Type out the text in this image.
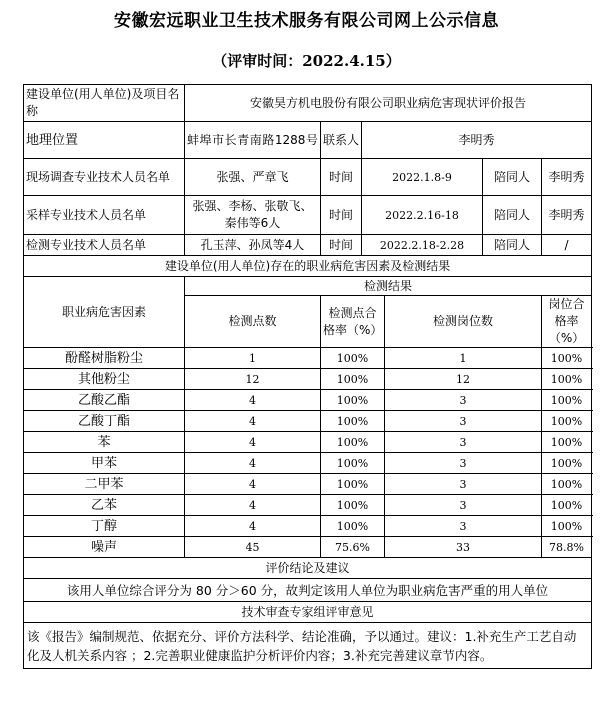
安徽宏远职业卫生技术服务有限公司网上公示信息
（评审时间：2022.4.15）
建设单位(用人单位)及项目名称	安徽昊方机电股份有限公司职业病危害现状评价报告					
地理位置	蚌埠市长青南路1288号	联系人	李明秀			
现场调查专业技术人员名单	张强、严章飞	时间	2022.1.8-9		陪同人	李明秀
采样专业技术人员名单	张强、李杨、张敬飞、秦伟等6人	时间	2022.2.16-18		陪同人	李明秀
检测专业技术人员名单	孔玉萍、孙凤等4人	时间	2022.2.18-2.28		陪同人	/
建设单位(用人单位)存在的职业病危害因素及检测结果						
职业病危害因素	检测结果					
	检测点数	检测点合格率（%）		检测岗位数		岗位合格率（%）
酚醛树脂粉尘	1	100%		1		100%
其他粉尘	12	100%		12		100%
乙酸乙酯	4	100%		3		100%
乙酸丁酯	4	100%		3		100%
苯	4	100%		3		100%
甲苯	4	100%		3		100%
二甲苯	4	100%		3		100%
乙苯	4	100%		3		100%
丁醇	4	100%		3		100%
噪声	45	75.6%		33		78.8%
评价结论及建议						
该用人单位综合评分为 80 分＞60 分，故判定该用人单位为职业病危害严重的用人单位						
技术审查专家组评审意见						
该《报告》编制规范、依据充分、评价方法科学、结论准确，予以通过。建议：1.补充生产工艺自动化及人机关系内容 ；2.完善职业健康监护分析评价内容；3.补充完善建议章节内容。						
